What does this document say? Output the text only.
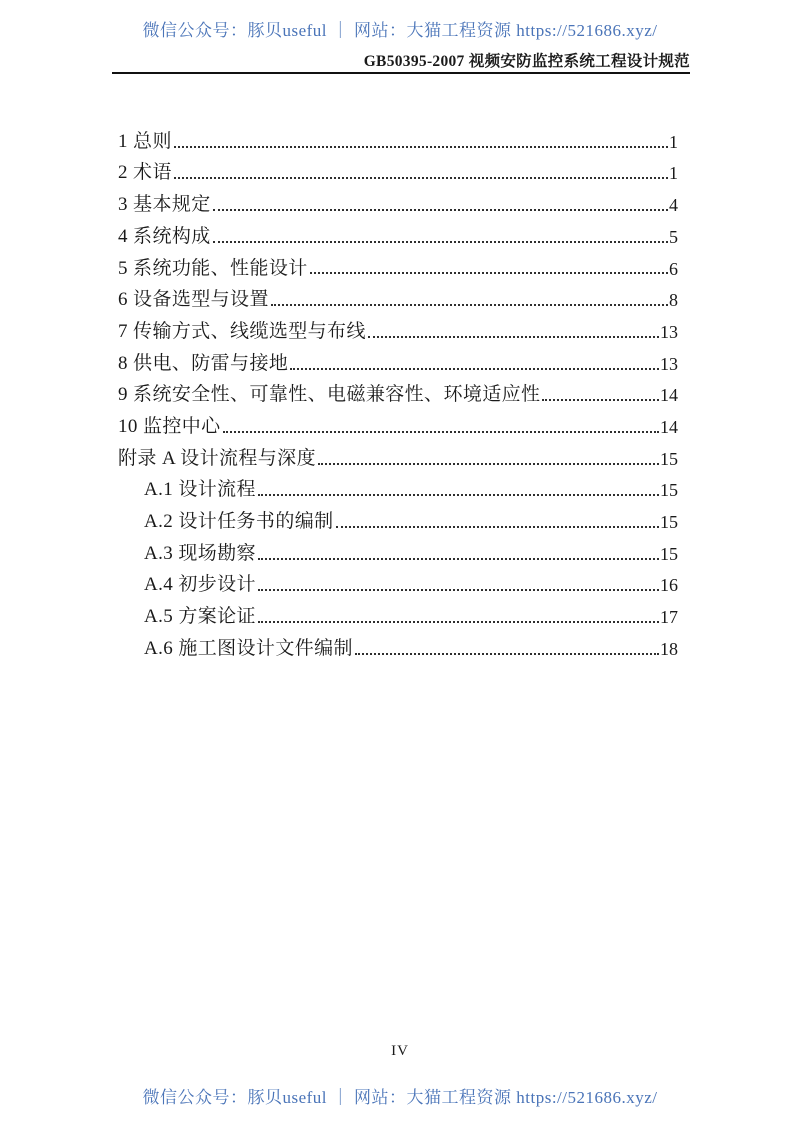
微信公众号：豚贝useful ｜ 网站：大猫工程资源 https://521686.xyz/
GB50395-2007 视频安防监控系统工程设计规范
1 总则	1
2 术语	1
3 基本规定	4
4 系统构成	5
5 系统功能、性能设计	6
6 设备选型与设置	8
7 传输方式、线缆选型与布线	13
8 供电、防雷与接地	13
9 系统安全性、可靠性、电磁兼容性、环境适应性	14
10 监控中心	14
附录 A 设计流程与深度	15
A.1 设计流程	15
A.2 设计任务书的编制	15
A.3 现场勘察	15
A.4 初步设计	16
A.5 方案论证	17
A.6 施工图设计文件编制	18
IV
微信公众号：豚贝useful ｜ 网站：大猫工程资源 https://521686.xyz/
